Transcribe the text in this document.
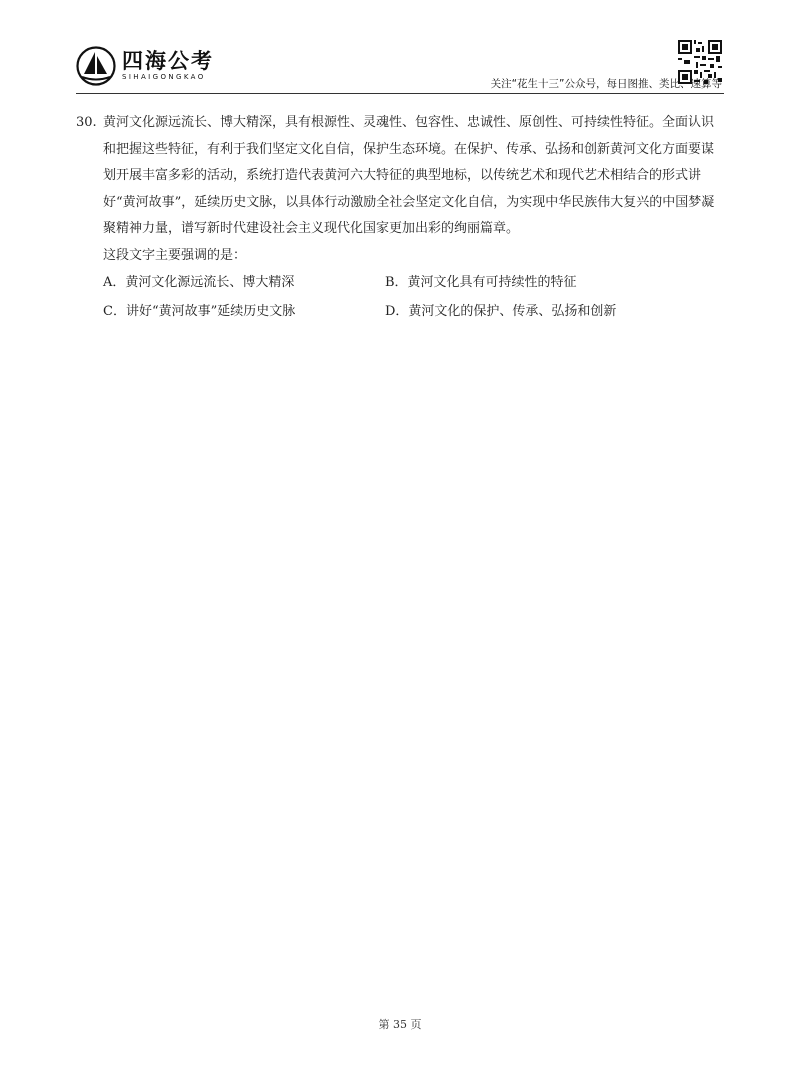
四海公考
SIHAIGONGKAO
关注“花生十三”公众号，每日图推、类比、速算等
30. 黄河文化源远流长、博大精深，具有根源性、灵魂性、包容性、忠诚性、原创性、可持续性特征。全面认识和把握这些特征，有利于我们坚定文化自信，保护生态环境。在保护、传承、弘扬和创新黄河文化方面要谋划开展丰富多彩的活动，系统打造代表黄河六大特征的典型地标，以传统艺术和现代艺术相结合的形式讲好“黄河故事”，延续历史文脉，以具体行动激励全社会坚定文化自信，为实现中华民族伟大复兴的中国梦凝聚精神力量，谱写新时代建设社会主义现代化国家更加出彩的绚丽篇章。
这段文字主要强调的是：
A．黄河文化源远流长、博大精深	B．黄河文化具有可持续性的特征
C．讲好“黄河故事”延续历史文脉	D．黄河文化的保护、传承、弘扬和创新
第 35 页
